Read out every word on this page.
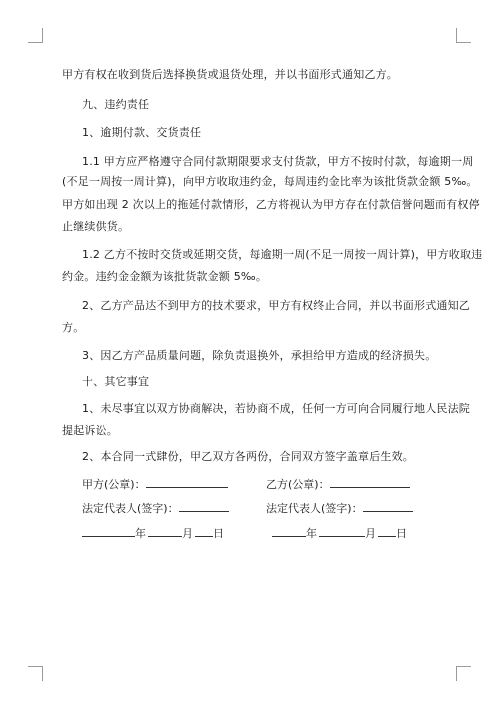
甲方有权在收到货后选择换货或退货处理，并以书面形式通知乙方。
九、违约责任
1、逾期付款、交货责任
1.1 甲方应严格遵守合同付款期限要求支付货款，甲方不按时付款，每逾期一周
(不足一周按一周计算)，向甲方收取违约金，每周违约金比率为该批货款金额 5‰。
甲方如出现 2 次以上的拖延付款情形，乙方将视认为甲方存在付款信誉问题而有权停
止继续供货。
1.2 乙方不按时交货或延期交货，每逾期一周(不足一周按一周计算)，甲方收取违
约金。违约金金额为该批货款金额 5‰。
2、乙方产品达不到甲方的技术要求，甲方有权终止合同，并以书面形式通知乙
方。
3、因乙方产品质量问题，除负责退换外，承担给甲方造成的经济损失。
十、其它事宜
1、未尽事宜以双方协商解决，若协商不成，任何一方可向合同履行地人民法院
提起诉讼。
2、本合同一式肆份，甲乙双方各两份，合同双方签字盖章后生效。
甲方(公章)：	乙方(公章)：
法定代表人(签字)：	法定代表人(签字)：
年	月 日	年	月 日
